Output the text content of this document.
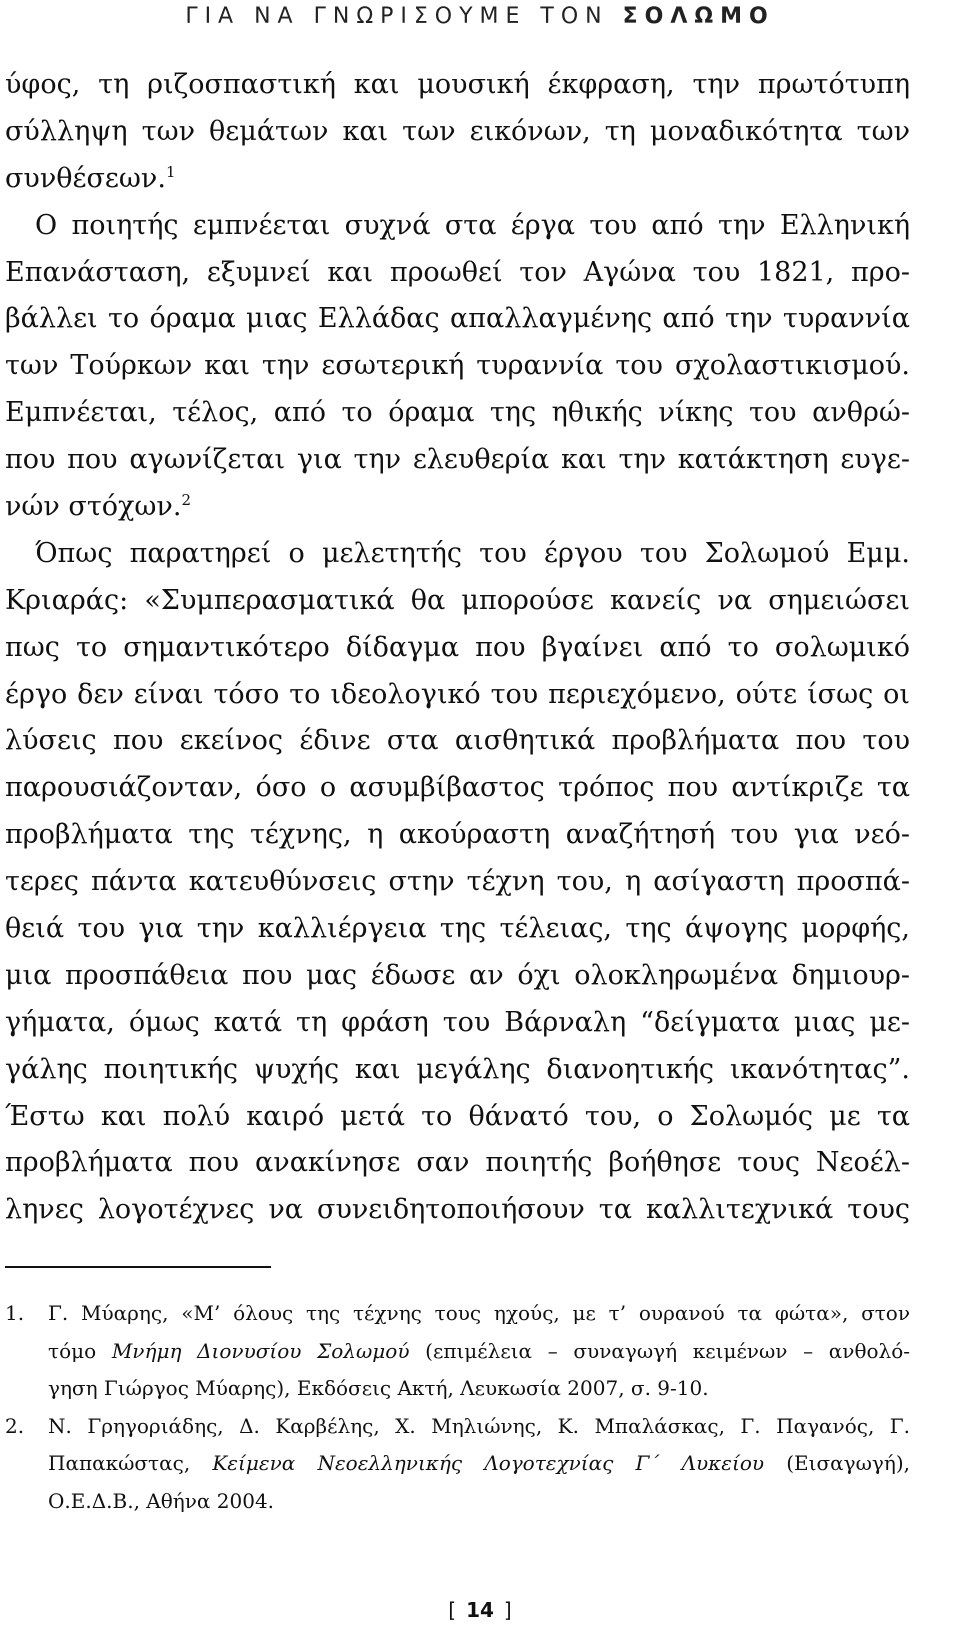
ΓΙΑ ΝΑ ΓΝΩΡΙΣΟΥΜΕ ΤΟΝ ΣΟΛΩΜΟ
ύφος, τη ριζοσπαστική και μουσική έκφραση, την πρωτότυπη
σύλληψη των θεμάτων και των εικόνων, τη μοναδικότητα των
συνθέσεων.$^1$
Ο ποιητής εμπνέεται συχνά στα έργα του από την Ελληνική
Επανάσταση, εξυμνεί και προωθεί τον Αγώνα του 1821, προ-
βάλλει το όραμα μιας Ελλάδας απαλλαγμένης από την τυραννία
των Τούρκων και την εσωτερική τυραννία του σχολαστικισμού.
Εμπνέεται, τέλος, από το όραμα της ηθικής νίκης του ανθρώ-
που που αγωνίζεται για την ελευθερία και την κατάκτηση ευγε-
νών στόχων.$^2$
Όπως παρατηρεί ο μελετητής του έργου του Σολωμού Εμμ.
Κριαράς: «Συμπερασματικά θα μπορούσε κανείς να σημειώσει
πως το σημαντικότερο δίδαγμα που βγαίνει από το σολωμικό
έργο δεν είναι τόσο το ιδεολογικό του περιεχόμενο, ούτε ίσως οι
λύσεις που εκείνος έδινε στα αισθητικά προβλήματα που του
παρουσιάζονταν, όσο ο ασυμβίβαστος τρόπος που αντίκριζε τα
προβλήματα της τέχνης, η ακούραστη αναζήτησή του για νεό-
τερες πάντα κατευθύνσεις στην τέχνη του, η ασίγαστη προσπά-
θειά του για την καλλιέργεια της τέλειας, της άψογης μορφής,
μια προσπάθεια που μας έδωσε αν όχι ολοκληρωμένα δημιουρ-
γήματα, όμως κατά τη φράση του Βάρναλη “δείγματα μιας με-
γάλης ποιητικής ψυχής και μεγάλης διανοητικής ικανότητας”.
Έστω και πολύ καιρό μετά το θάνατό του, ο Σολωμός με τα
προβλήματα που ανακίνησε σαν ποιητής βοήθησε τους Νεοέλ-
ληνες λογοτέχνες να συνειδητοποιήσουν τα καλλιτεχνικά τους
1. Γ. Μύαρης, «Μ’ όλους της τέχνης τους ηχούς, με τ’ ουρανού τα φώτα», στον
τόμο Μνήμη Διονυσίου Σολωμού (επιμέλεια – συναγωγή κειμένων – ανθολό-
γηση Γιώργος Μύαρης), Εκδόσεις Ακτή, Λευκωσία 2007, σ. 9-10.
2. Ν. Γρηγοριάδης, Δ. Καρβέλης, Χ. Μηλιώνης, Κ. Μπαλάσκας, Γ. Παγανός, Γ.
Παπακώστας, Κείμενα Νεοελληνικής Λογοτεχνίας Γ΄ Λυκείου (Εισαγωγή),
Ο.Ε.Δ.Β., Αθήνα 2004.
[ 14 ]
